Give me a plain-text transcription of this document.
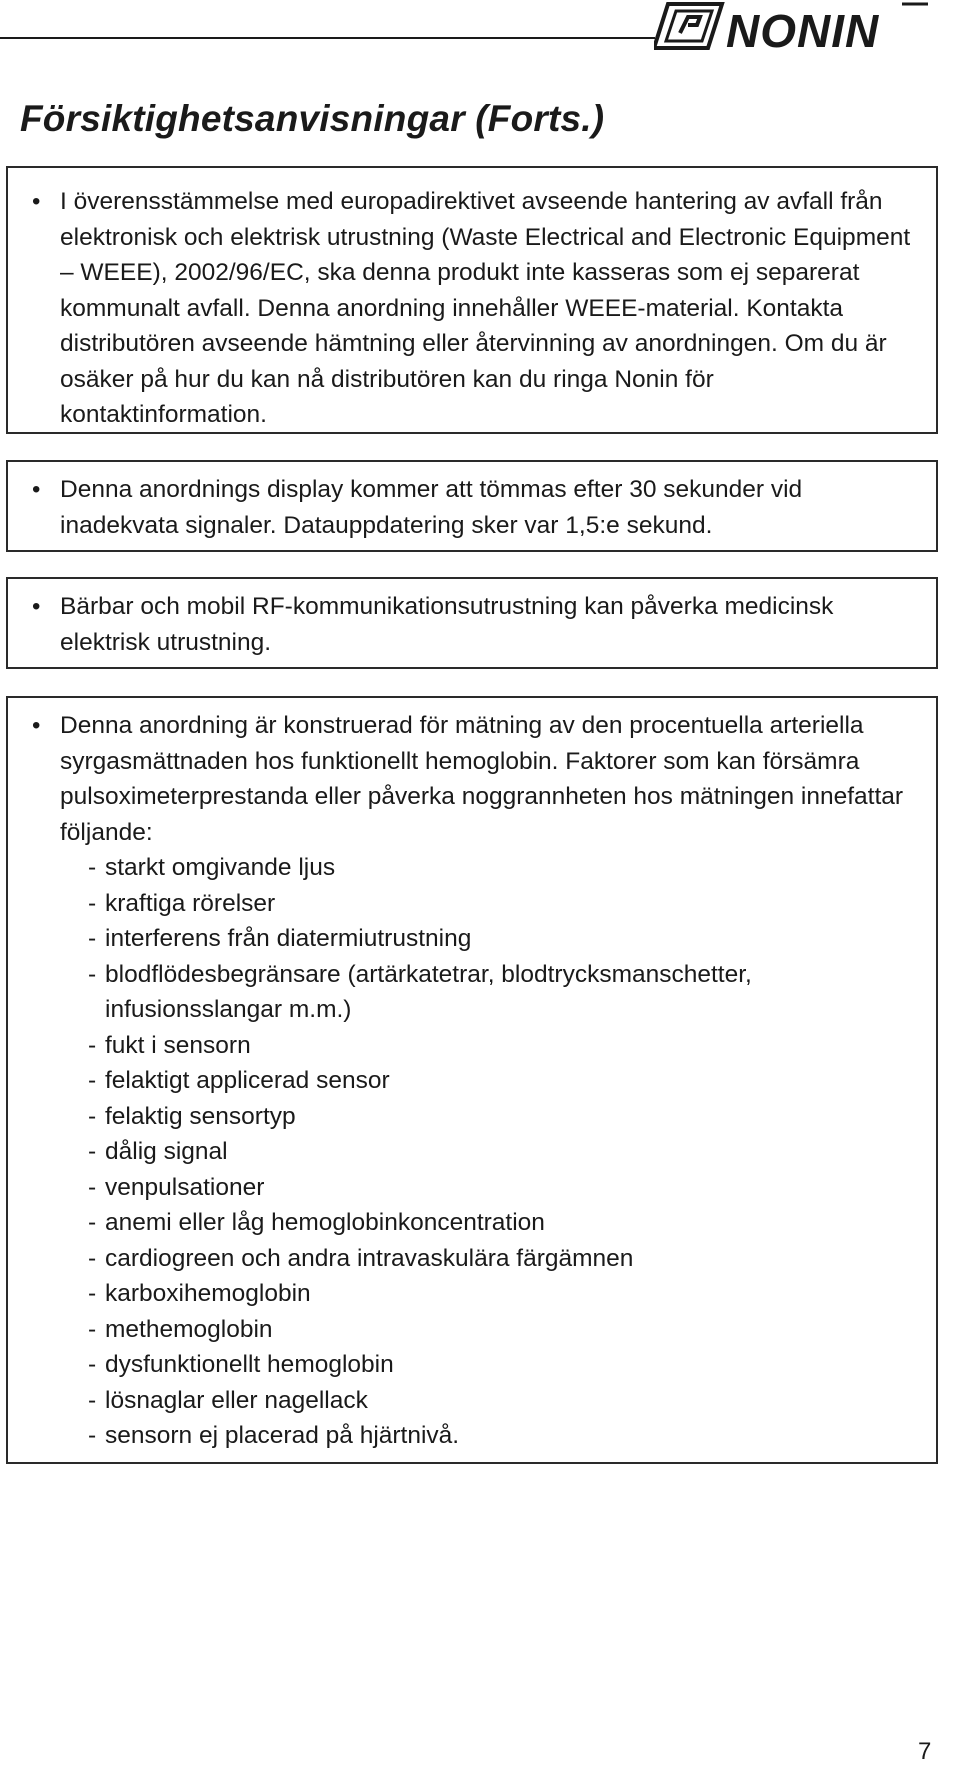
NONIN
Försiktighetsanvisningar (Forts.)
• I överensstämmelse med europadirektivet avseende hantering av avfall från elektronisk och elektrisk utrustning (Waste Electrical and Electronic Equipment – WEEE), 2002/96/EC, ska denna produkt inte kasseras som ej separerat kommunalt avfall. Denna anordning innehåller WEEE-material. Kontakta distributören avseende hämtning eller återvinning av anordningen. Om du är osäker på hur du kan nå distributören kan du ringa Nonin för kontaktinformation.
• Denna anordnings display kommer att tömmas efter 30 sekunder vid inadekvata signaler. Datauppdatering sker var 1,5:e sekund.
• Bärbar och mobil RF-kommunikationsutrustning kan påverka medicinsk elektrisk utrustning.
• Denna anordning är konstruerad för mätning av den procentuella arteriella syrgasmättnaden hos funktionellt hemoglobin. Faktorer som kan försämra pulsoximeterprestanda eller påverka noggrannheten hos mätningen innefattar följande:
- starkt omgivande ljus
- kraftiga rörelser
- interferens från diatermiutrustning
- blodflödesbegränsare (artärkatetrar, blodtrycksmanschetter, infusionsslangar m.m.)
- fukt i sensorn
- felaktigt applicerad sensor
- felaktig sensortyp
- dålig signal
- venpulsationer
- anemi eller låg hemoglobinkoncentration
- cardiogreen och andra intravaskulära färgämnen
- karboxihemoglobin
- methemoglobin
- dysfunktionellt hemoglobin
- lösnaglar eller nagellack
- sensorn ej placerad på hjärtnivå.
7
